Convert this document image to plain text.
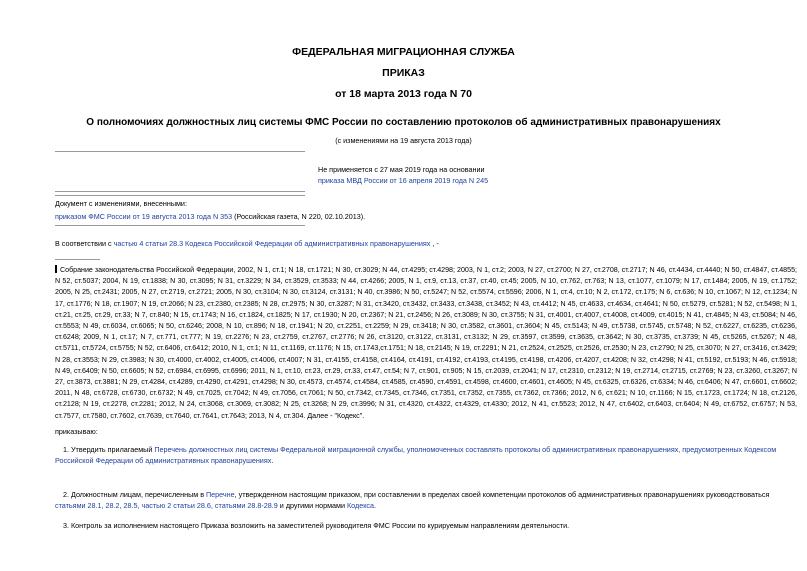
ФЕДЕРАЛЬНАЯ МИГРАЦИОННАЯ СЛУЖБА
ПРИКАЗ
от 18 марта 2013 года N 70
О полномочиях должностных лиц системы ФМС России по составлению протоколов об административных правонарушениях
(с изменениями на 19 августа 2013 года)
Не применяется с 27 мая 2019 года на основании
приказа МВД России от 16 апреля 2019 года N 245
Документ с изменениями, внесенными:
приказом ФМС России от 19 августа 2013 года N 353 (Российская газета, N 220, 02.10.2013).
В соответствии с частью 4 статьи 28.3 Кодекса Российской Федерации об административных правонарушениях , -
Собрание законодательства Российской Федерации, 2002, N 1, ст.1; N 18, ст.1721; N 30, ст.3029; N 44, ст.4295; ст.4298; 2003, N 1, ст.2; 2003, N 27, ст.2700; N 27, ст.2708, ст.2717; N 46, ст.4434, ст.4440; N 50, ст.4847, ст.4855; N 52, ст.5037; 2004, N 19, ст.1838; N 30, ст.3095; N 31, ст.3229; N 34, ст.3529, ст.3533; N 44, ст.4266; 2005, N 1, ст.9, ст.13, ст.37, ст.40, ст.45; 2005, N 10, ст.762, ст.763; N 13, ст.1077, ст.1079; N 17, ст.1484; 2005, N 19, ст.1752; 2005, N 25, ст.2431; 2005, N 27, ст.2719, ст.2721; 2005, N 30, ст.3104; N 30, ст.3124, ст.3131; N 40, ст.3986; N 50, ст.5247; N 52, ст.5574, ст.5596; 2006, N 1, ст.4, ст.10; N 2, ст.172, ст.175; N 6, ст.636; N 10, ст.1067; N 12, ст.1234; N 17, ст.1776; N 18, ст.1907; N 19, ст.2066; N 23, ст.2380, ст.2385; N 28, ст.2975; N 30, ст.3287; N 31, ст.3420, ст.3432, ст.3433, ст.3438, ст.3452; N 43, ст.4412; N 45, ст.4633, ст.4634, ст.4641; N 50, ст.5279, ст.5281; N 52, ст.5498; N 1, ст.21, ст.25, ст.29, ст.33; N 7, ст.840; N 15, ст.1743; N 16, ст.1824, ст.1825; N 17, ст.1930; N 20, ст.2367; N 21, ст.2456; N 26, ст.3089; N 30, ст.3755; N 31, ст.4001, ст.4007, ст.4008, ст.4009, ст.4015; N 41, ст.4845; N 43, ст.5084; N 46, ст.5553; N 49, ст.6034, ст.6065; N 50, ст.6246; 2008, N 10, ст.896; N 18, ст.1941; N 20, ст.2251, ст.2259; N 29, ст.3418; N 30, ст.3582, ст.3601, ст.3604; N 45, ст.5143; N 49, ст.5738, ст.5745, ст.5748; N 52, ст.6227, ст.6235, ст.6236, ст.6248; 2009, N 1, ст.17; N 7, ст.771, ст.777; N 19, ст.2276; N 23, ст.2759, ст.2767, ст.2776; N 26, ст.3120, ст.3122, ст.3131, ст.3132; N 29, ст.3597, ст.3599, ст.3635, ст.3642; N 30, ст.3735, ст.3739; N 45, ст.5265, ст.5267; N 48, ст.5711, ст.5724, ст.5755; N 52, ст.6406, ст.6412; 2010, N 1, ст.1; N 11, ст.1169, ст.1176; N 15, ст.1743,ст.1751; N 18, ст.2145; N 19, ст.2291; N 21, ст.2524, ст.2525, ст.2526, ст.2530; N 23, ст.2790; N 25, ст.3070; N 27, ст.3416, ст.3429; N 28, ст.3553; N 29, ст.3983; N 30, ст.4000, ст.4002, ст.4005, ст.4006, ст.4007; N 31, ст.4155, ст.4158, ст.4164, ст.4191, ст.4192, ст.4193, ст.4195, ст.4198, ст.4206, ст.4207, ст.4208; N 32, ст.4298; N 41, ст.5192, ст.5193; N 46, ст.5918; N 49, ст.6409; N 50, ст.6605; N 52, ст.6984, ст.6995, ст.6996; 2011, N 1, ст.10, ст.23, ст.29, ст.33, ст.47, ст.54; N 7, ст.901, ст.905; N 15, ст.2039, ст.2041; N 17, ст.2310, ст.2312; N 19, ст.2714, ст.2715, ст.2769; N 23, ст.3260, ст.3267; N 27, ст.3873, ст.3881; N 29, ст.4284, ст.4289, ст.4290, ст.4291, ст.4298; N 30, ст.4573, ст.4574, ст.4584, ст.4585, ст.4590, ст.4591, ст.4598, ст.4600, ст.4601, ст.4605; N 45, ст.6325, ст.6326, ст.6334; N 46, ст.6406; N 47, ст.6601, ст.6602; 2011, N 48, ст.6728, ст.6730, ст.6732; N 49, ст.7025, ст.7042; N 49, ст.7056, ст.7061; N 50, ст.7342, ст.7345, ст.7346, ст.7351, ст.7352, ст.7355, ст.7362, ст.7366; 2012, N 6, ст.621; N 10, ст.1166; N 15, ст.1723, ст.1724; N 18, ст.2126, ст.2128; N 19, ст.2278, ст.2281; 2012, N 24, ст.3068, ст.3069, ст.3082; N 25, ст.3268; N 29, ст.3996; N 31, ст.4320, ст.4322, ст.4329, ст.4330; 2012, N 41, ст.5523; 2012, N 47, ст.6402, ст.6403, ст.6404; N 49, ст.6752, ст.6757; N 53, ст.7577, ст.7580, ст.7602, ст.7639, ст.7640, ст.7641, ст.7643; 2013, N 4, ст.304. Далее - "Кодекс".
приказываю:
1. Утвердить прилагаемый Перечень должностных лиц системы Федеральной миграционной службы, уполномоченных составлять протоколы об административных правонарушениях, предусмотренных Кодексом Российской Федерации об административных правонарушениях.
2. Должностным лицам, перечисленным в Перечне, утвержденном настоящим приказом, при составлении в пределах своей компетенции протоколов об административных правонарушениях руководствоваться статьями 28.1, 28.2, 28.5, частью 2 статьи 28.6, статьями 28.8-28.9 и другими нормами Кодекса.
3. Контроль за исполнением настоящего Приказа возложить на заместителей руководителя ФМС России по курируемым направлениям деятельности.
